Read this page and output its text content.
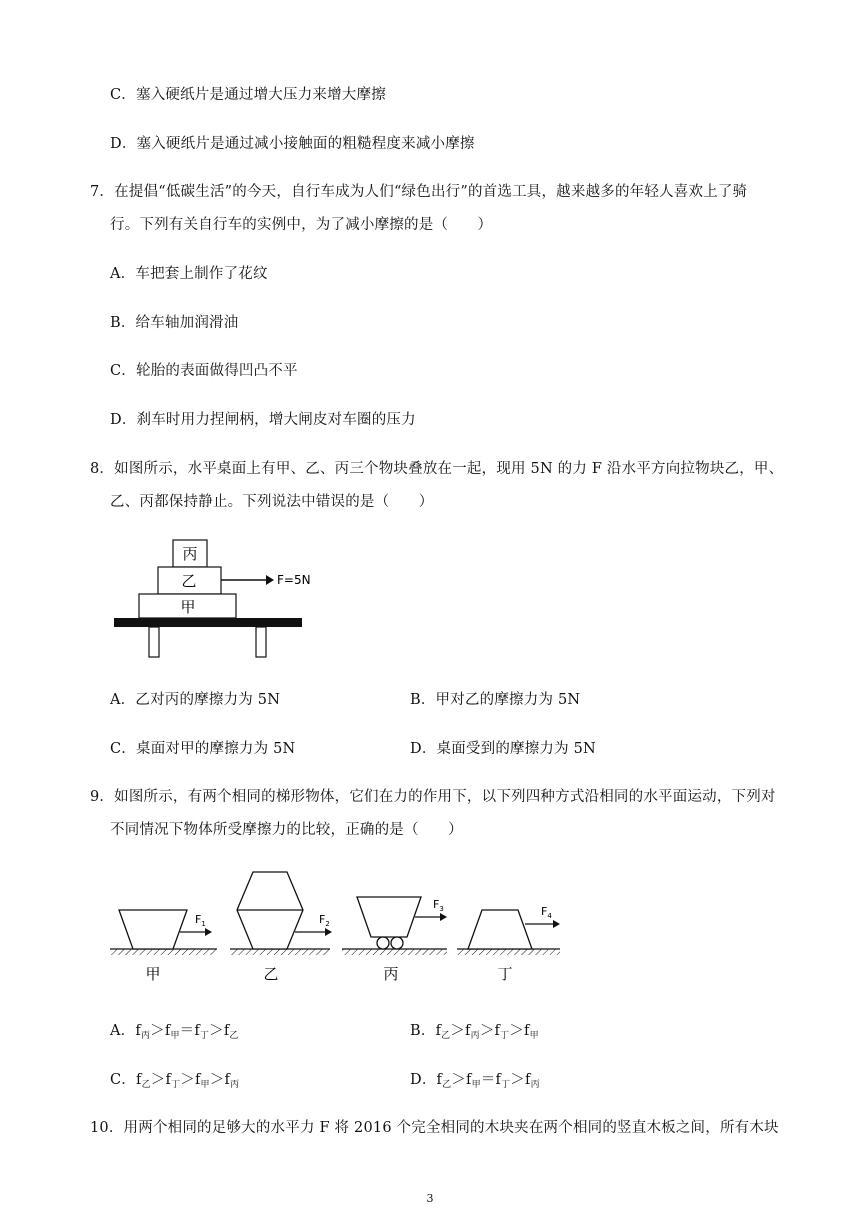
C．塞入硬纸片是通过增大压力来增大摩擦
D．塞入硬纸片是通过减小接触面的粗糙程度来减小摩擦
7．在提倡“低碳生活”的今天，自行车成为人们“绿色出行”的首选工具，越来越多的年轻人喜欢上了骑
行。下列有关自行车的实例中，为了减小摩擦的是（　　）
A．车把套上制作了花纹
B．给车轴加润滑油
C．轮胎的表面做得凹凸不平
D．刹车时用力捏闸柄，增大闸皮对车圈的压力
8．如图所示，水平桌面上有甲、乙、丙三个物块叠放在一起，现用 5N 的力 F 沿水平方向拉物块乙，甲、
乙、丙都保持静止。下列说法中错误的是（　　）
丙
乙
甲
F=5N
A．乙对丙的摩擦力为 5N	B．甲对乙的摩擦力为 5N
C．桌面对甲的摩擦力为 5N	D．桌面受到的摩擦力为 5N
9．如图所示，有两个相同的梯形物体，它们在力的作用下，以下列四种方式沿相同的水平面运动，下列对
不同情况下物体所受摩擦力的比较，正确的是（　　）
$F_1$
甲
$F_2$
乙
$F_3$
丙
$F_4$
丁
A．$f_丙>f_甲=f_丁>f_乙$	B．$f_乙>f_丙>f_丁>f_甲$
C．$f_乙>f_丁>f_甲>f_丙$	D．$f_乙>f_甲=f_丁>f_丙$
10．用两个相同的足够大的水平力 F 将 2016 个完全相同的木块夹在两个相同的竖直木板之间，所有木块
3
